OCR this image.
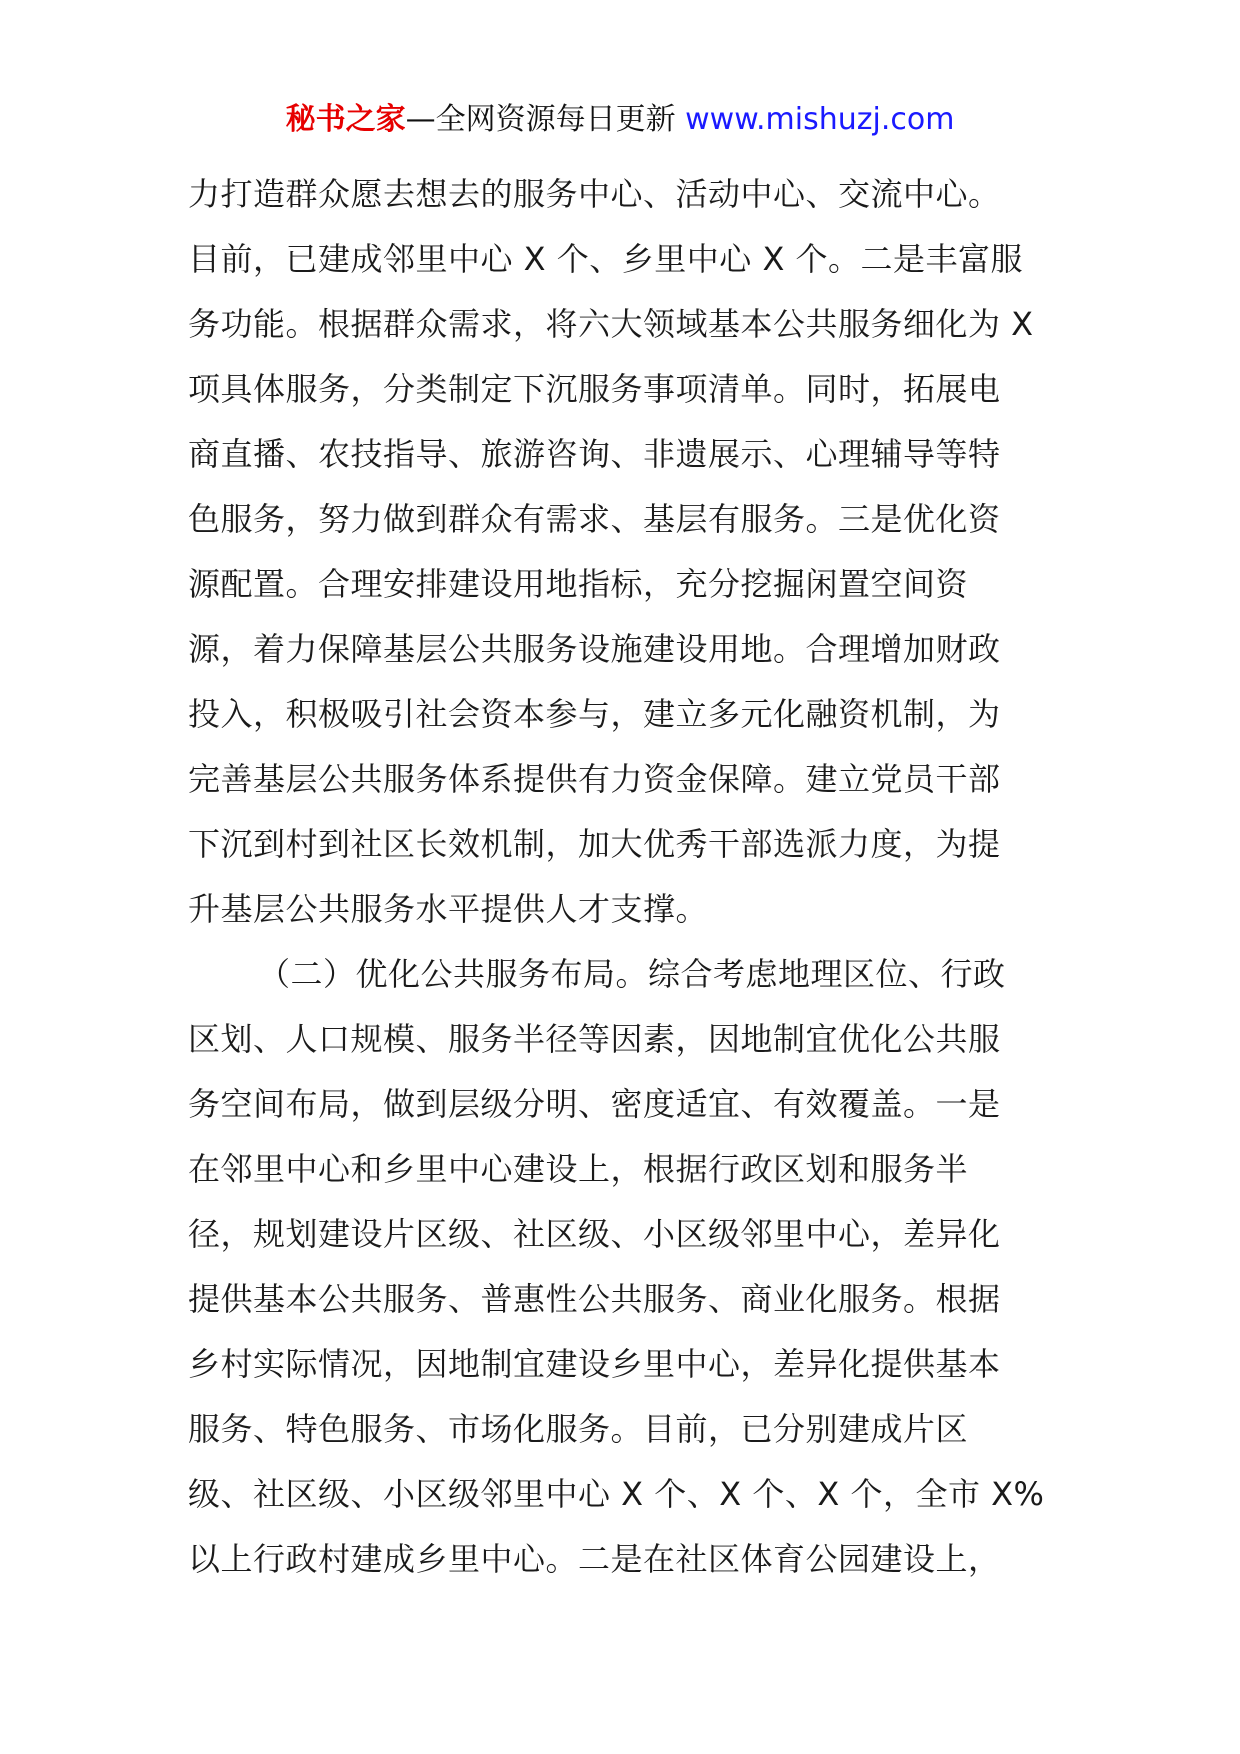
秘书之家—全网资源每日更新 www.mishuzj.com
力打造群众愿去想去的服务中心、活动中心、交流中心。
目前，已建成邻里中心 X 个、乡里中心 X 个。二是丰富服
务功能。根据群众需求，将六大领域基本公共服务细化为 X
项具体服务，分类制定下沉服务事项清单。同时，拓展电
商直播、农技指导、旅游咨询、非遗展示、心理辅导等特
色服务，努力做到群众有需求、基层有服务。三是优化资
源配置。合理安排建设用地指标，充分挖掘闲置空间资
源，着力保障基层公共服务设施建设用地。合理增加财政
投入，积极吸引社会资本参与，建立多元化融资机制，为
完善基层公共服务体系提供有力资金保障。建立党员干部
下沉到村到社区长效机制，加大优秀干部选派力度，为提
升基层公共服务水平提供人才支撑。
（二）优化公共服务布局。综合考虑地理区位、行政
区划、人口规模、服务半径等因素，因地制宜优化公共服
务空间布局，做到层级分明、密度适宜、有效覆盖。一是
在邻里中心和乡里中心建设上，根据行政区划和服务半
径，规划建设片区级、社区级、小区级邻里中心，差异化
提供基本公共服务、普惠性公共服务、商业化服务。根据
乡村实际情况，因地制宜建设乡里中心，差异化提供基本
服务、特色服务、市场化服务。目前，已分别建成片区
级、社区级、小区级邻里中心 X 个、X 个、X 个，全市 X%
以上行政村建成乡里中心。二是在社区体育公园建设上，
